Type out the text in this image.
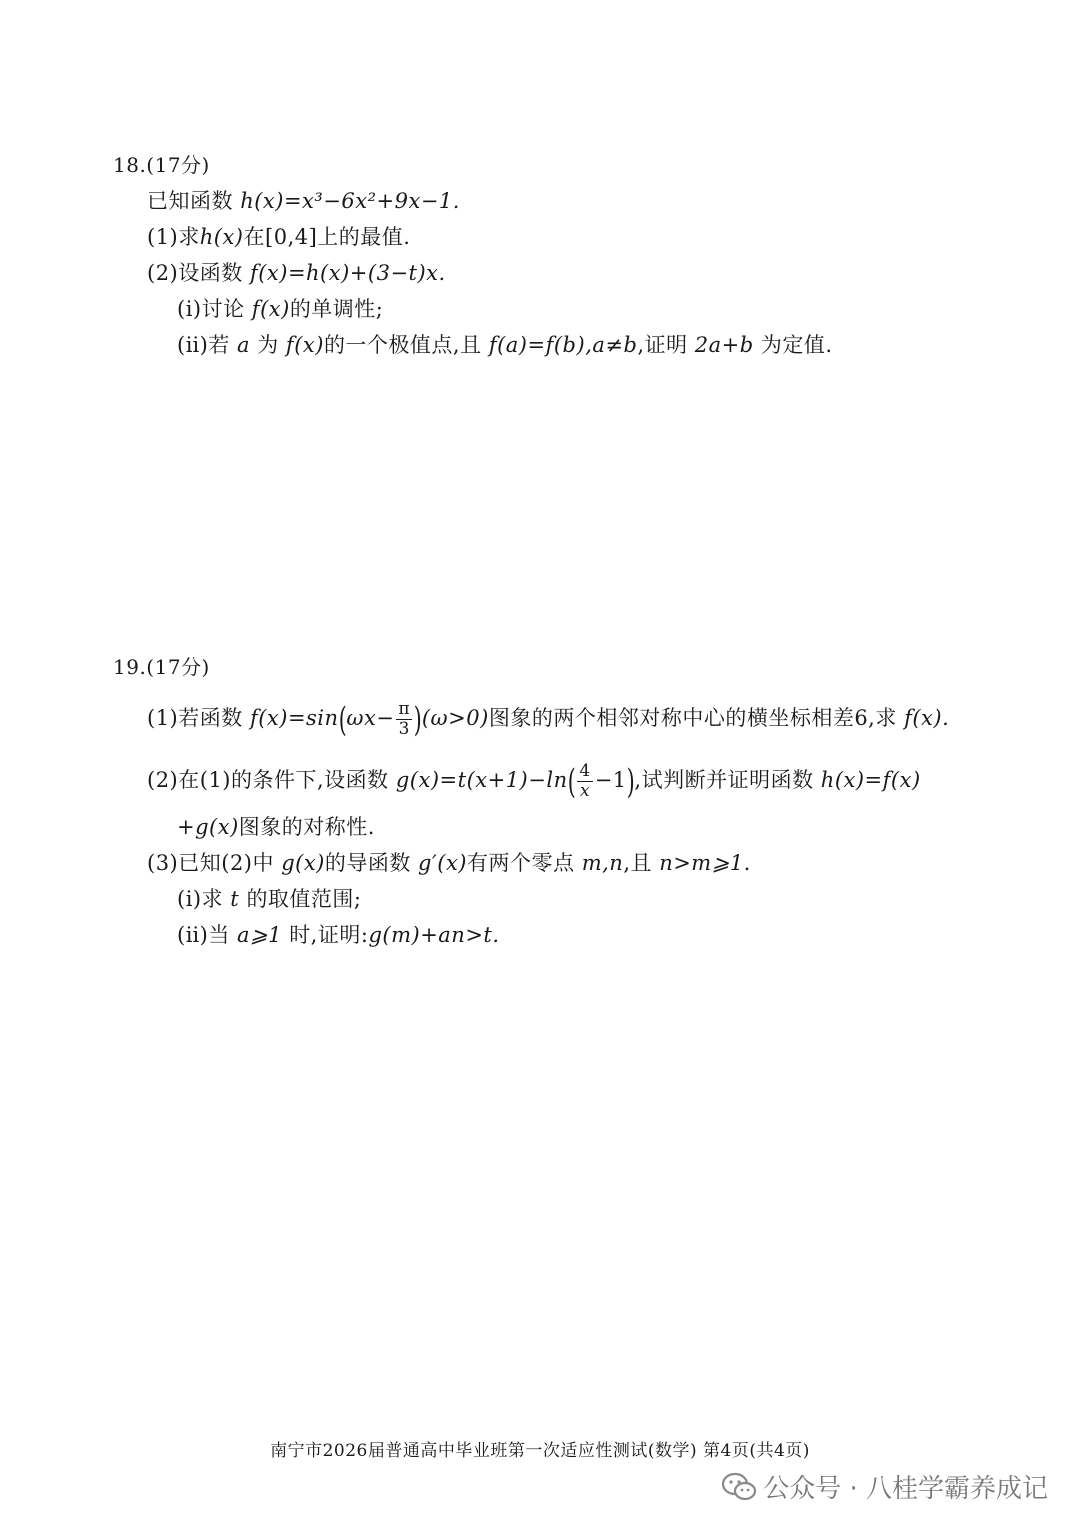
18.(17分)
已知函数 h(x)=x³−6x²+9x−1.
(1)求h(x)在[0,4]上的最值.
(2)设函数 f(x)=h(x)+(3−t)x.
(ⅰ)讨论 f(x)的单调性;
(ⅱ)若 a 为 f(x)的一个极值点,且 f(a)=f(b),a≠b,证明 2a+b 为定值.
19.(17分)
(1)若函数 $f(x)=\sin(\omega x- \frac{\pi}{3} )(\omega>0)$图象的两个相邻对称中心的横坐标相差6,求 f(x).
(2)在(1)的条件下,设函数 $g(x)=t(x+1)-\ln( \frac{4}{x} -1)$,试判断并证明函数 h(x)=f(x)
+g(x)图象的对称性.
(3)已知(2)中 g(x)的导函数 g′(x)有两个零点 m,n,且 n>m⩾1.
(ⅰ)求 t 的取值范围;
(ⅱ)当 a⩾1 时,证明:g(m)+an>t.
南宁市2026届普通高中毕业班第一次适应性测试(数学) 第4页(共4页)
公众号 · 八桂学霸养成记
